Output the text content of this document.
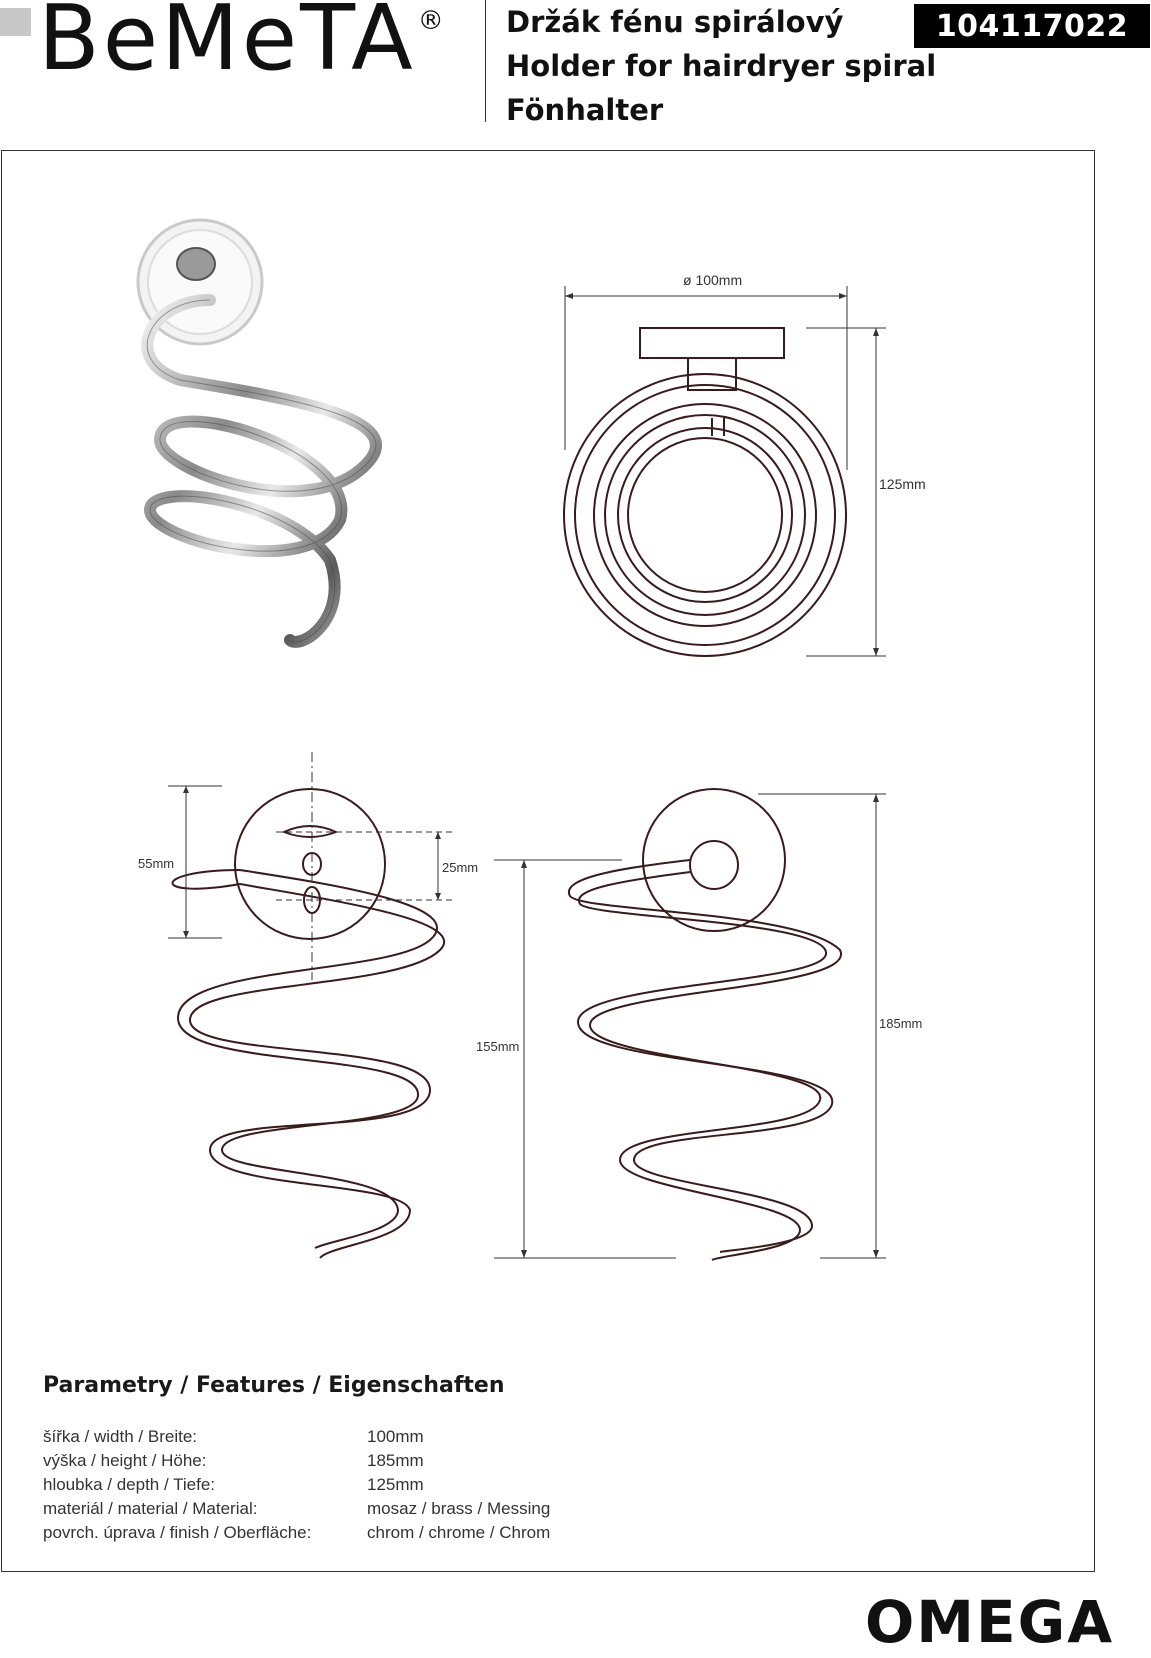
BeMeTA® Držák fénu spirálový
Holder for hairdryer spiral
Fönhalter
104117022
ø 100mm
125mm
55mm	25mm
155mm
185mm
Parametry / Features / Eigenschaften
šířka / width / Breite:	100mm
výška / height / Höhe:	185mm
hloubka / depth / Tiefe:	125mm
materiál / material / Material:	mosaz / brass / Messing
povrch. úprava / finish / Oberfläche:	chrom / chrome / Chrom
OMEGA
